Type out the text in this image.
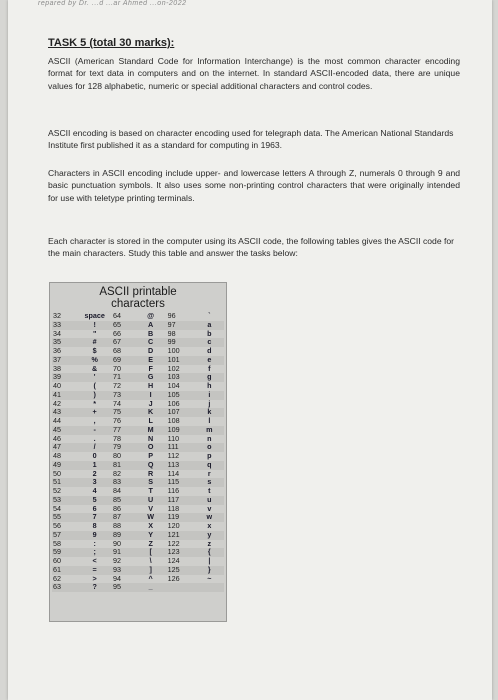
repared by Dr. ...d ...ar Ahmed ...on-2022
TASK 5 (total 30 marks):

ASCII (American Standard Code for Information Interchange) is the most common character encoding format for text data in computers and on the internet. In standard ASCII-encoded data, there are unique values for 128 alphabetic, numeric or special additional characters and control codes.

ASCII encoding is based on character encoding used for telegraph data. The American National Standards Institute first published it as a standard for computing in 1963.

Characters in ASCII encoding include upper- and lowercase letters A through Z, numerals 0 through 9 and basic punctuation symbols. It also uses some non-printing control characters that were originally intended for use with teletype printing terminals.

Each character is stored in the computer using its ASCII code, the following tables gives the ASCII code for the main characters. Study this table and answer the tasks below:

ASCII printable
characters
32	space	64	@	96	`
33	!	65	A	97	a
34	"	66	B	98	b
35	#	67	C	99	c
36	$	68	D	100	d
37	%	69	E	101	e
38	&	70	F	102	f
39	'	71	G	103	g
40	(	72	H	104	h
41	)	73	I	105	i
42	*	74	J	106	j
43	+	75	K	107	k
44	,	76	L	108	l
45	-	77	M	109	m
46	.	78	N	110	n
47	/	79	O	111	o
48	0	80	P	112	p
49	1	81	Q	113	q
50	2	82	R	114	r
51	3	83	S	115	s
52	4	84	T	116	t
53	5	85	U	117	u
54	6	86	V	118	v
55	7	87	W	119	w
56	8	88	X	120	x
57	9	89	Y	121	y
58	:	90	Z	122	z
59	;	91	[	123	{
60	<	92	\	124	|
61	=	93	]	125	}
62	>	94	^	126	~
63	?	95	_		
